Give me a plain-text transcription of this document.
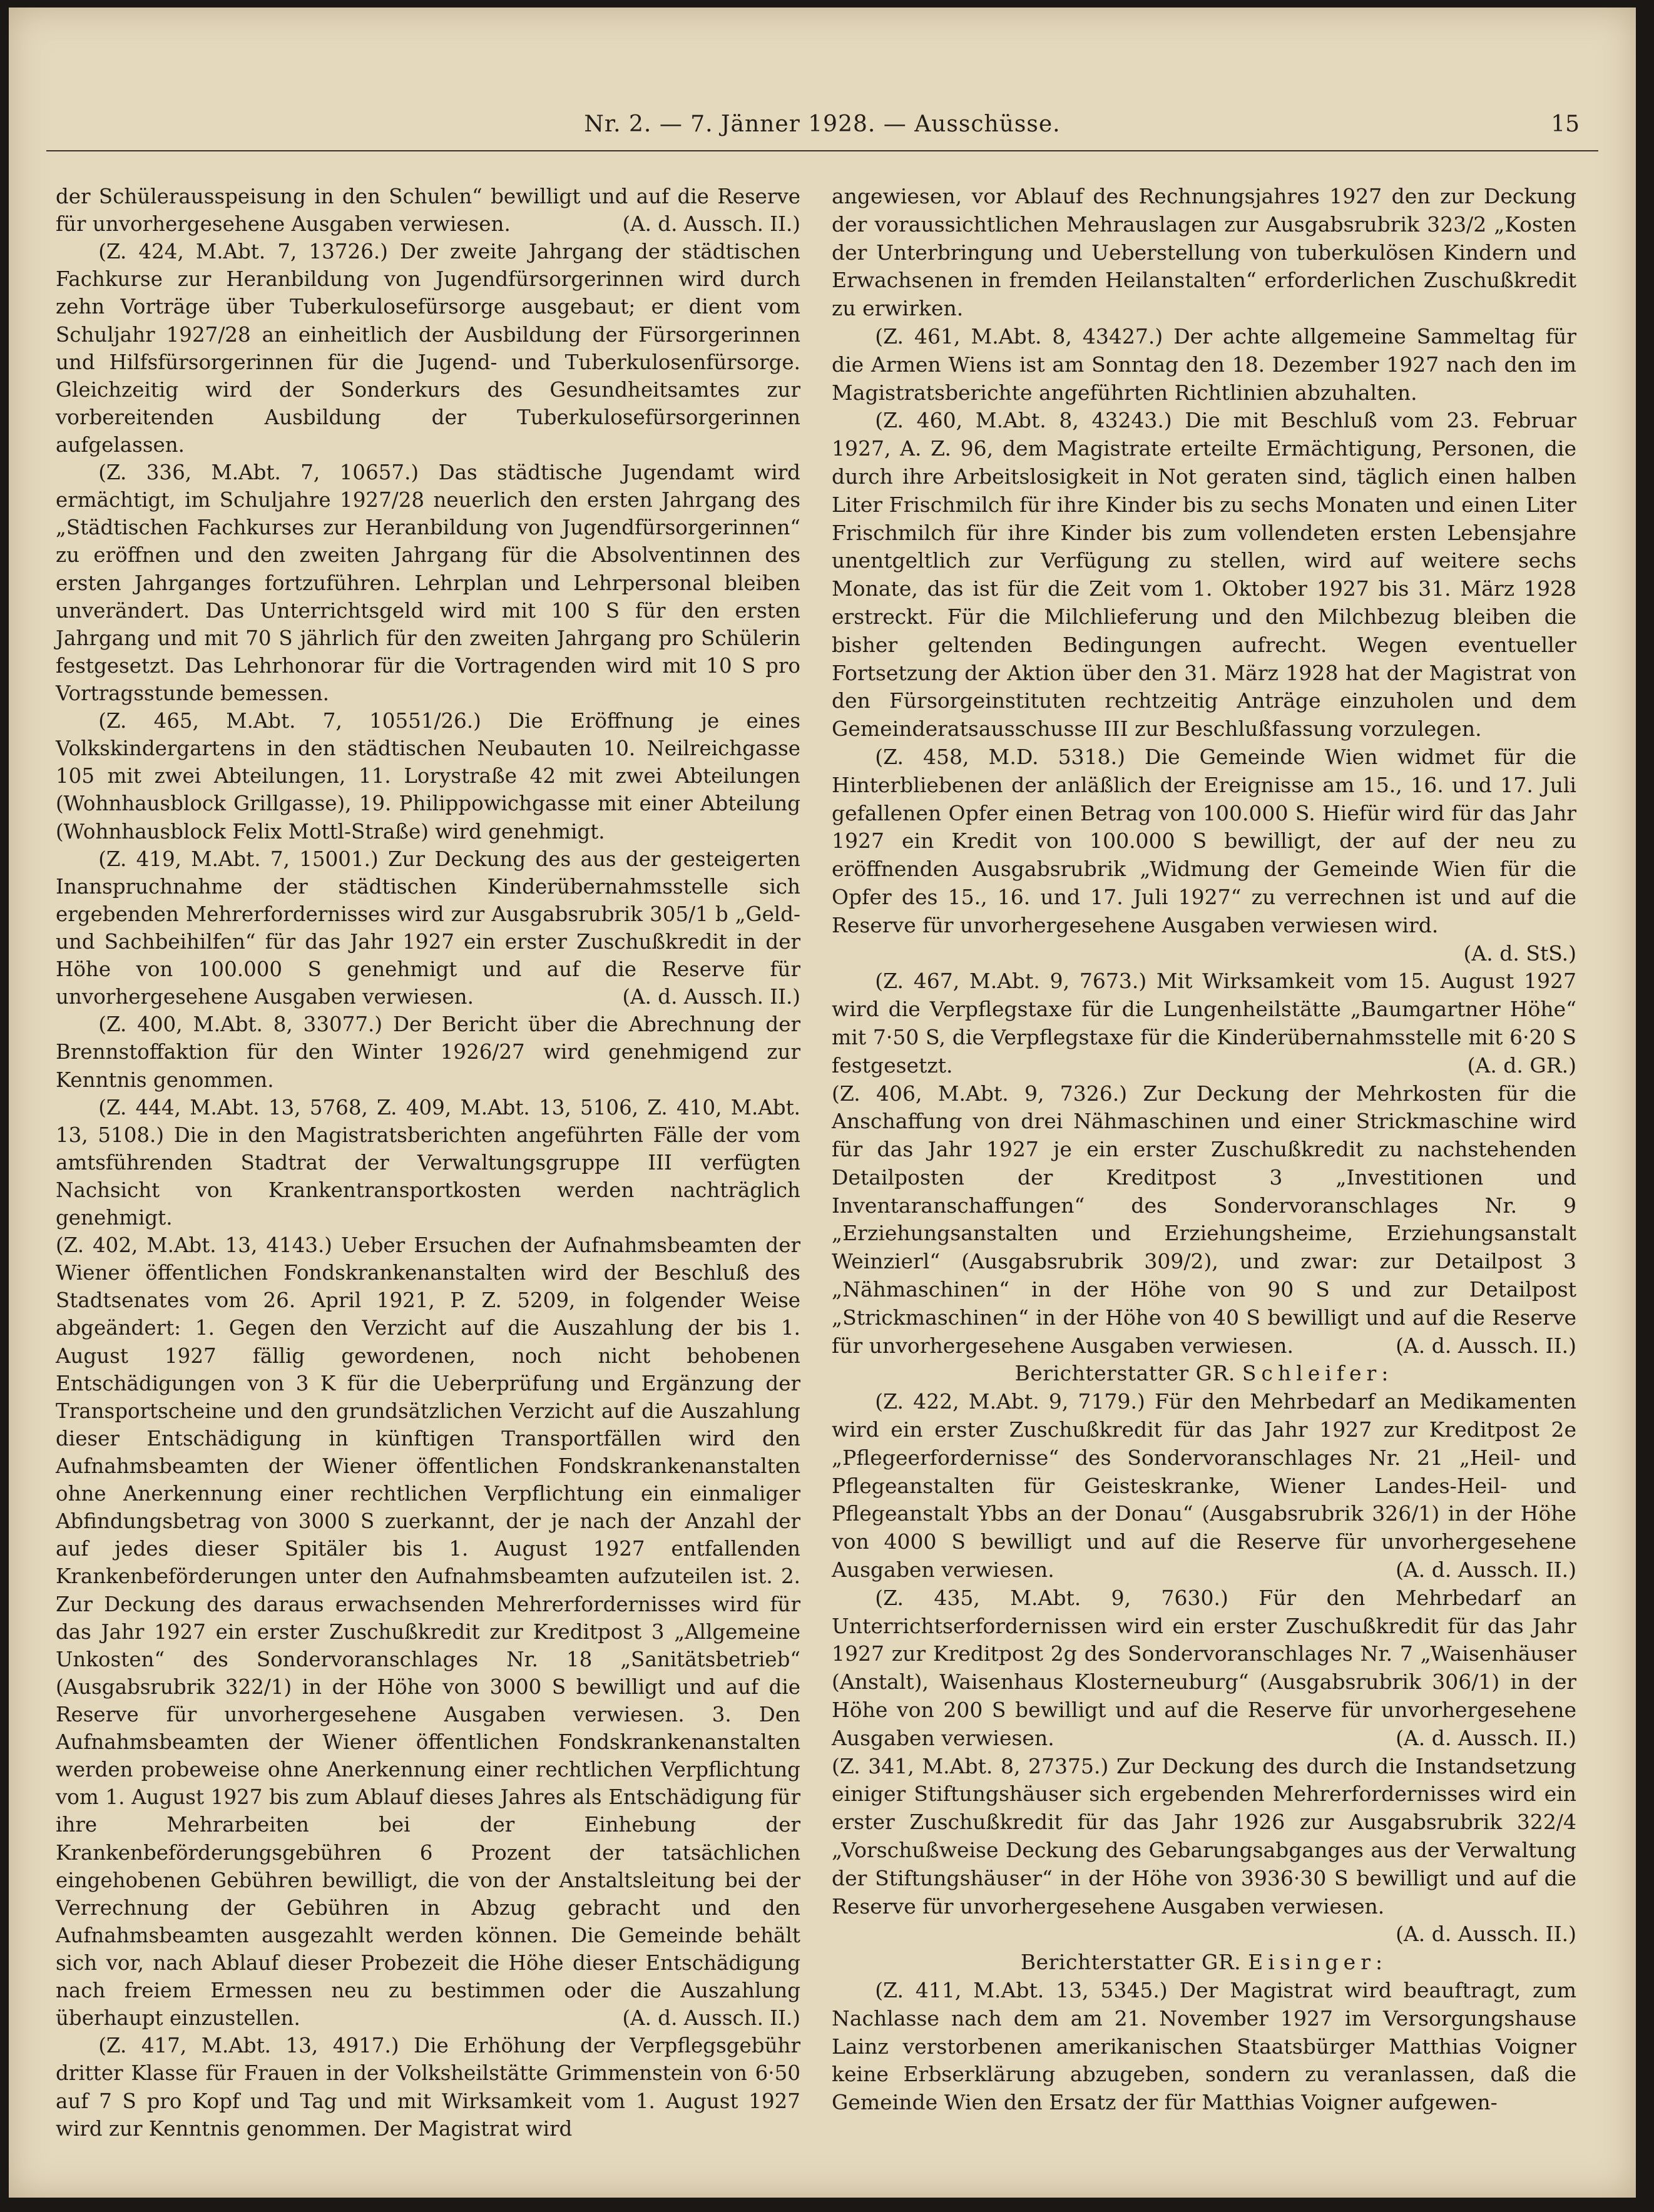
Nr. 2. — 7. Jänner 1928. — Ausschüsse.	15

der Schülerausspeisung in den Schulen“ bewilligt und auf die Reserve für unvorhergesehene Ausgaben verwiesen.	(A. d. Aussch. II.)

(Z. 424, M.Abt. 7, 13726.) Der zweite Jahrgang der städtischen Fachkurse zur Heranbildung von Jugendfürsorgerinnen wird durch zehn Vorträge über Tuberkulosefürsorge ausgebaut; er dient vom Schuljahr 1927/28 an einheitlich der Ausbildung der Fürsorgerinnen und Hilfsfürsorgerinnen für die Jugend- und Tuberkulosenfürsorge. Gleichzeitig wird der Sonderkurs des Gesundheitsamtes zur vorbereitenden Ausbildung der Tuberkulosefürsorgerinnen aufgelassen.

(Z. 336, M.Abt. 7, 10657.) Das städtische Jugendamt wird ermächtigt, im Schuljahre 1927/28 neuerlich den ersten Jahrgang des „Städtischen Fachkurses zur Heranbildung von Jugendfürsorgerinnen“ zu eröffnen und den zweiten Jahrgang für die Absolventinnen des ersten Jahrganges fortzuführen. Lehrplan und Lehrpersonal bleiben unverändert. Das Unterrichtsgeld wird mit 100 S für den ersten Jahrgang und mit 70 S jährlich für den zweiten Jahrgang pro Schülerin festgesetzt. Das Lehrhonorar für die Vortragenden wird mit 10 S pro Vortragsstunde bemessen.

(Z. 465, M.Abt. 7, 10551/26.) Die Eröffnung je eines Volkskindergartens in den städtischen Neubauten 10. Neilreichgasse 105 mit zwei Abteilungen, 11. Lorystraße 42 mit zwei Abteilungen (Wohnhausblock Grillgasse), 19. Philippowichgasse mit einer Abteilung (Wohnhausblock Felix Mottl-Straße) wird genehmigt.

(Z. 419, M.Abt. 7, 15001.) Zur Deckung des aus der gesteigerten Inanspruchnahme der städtischen Kinderübernahmsstelle sich ergebenden Mehrerfordernisses wird zur Ausgabsrubrik 305/1 b „Geld- und Sachbeihilfen“ für das Jahr 1927 ein erster Zuschußkredit in der Höhe von 100.000 S genehmigt und auf die Reserve für unvorhergesehene Ausgaben verwiesen.	(A. d. Aussch. II.)

(Z. 400, M.Abt. 8, 33077.) Der Bericht über die Abrechnung der Brennstoffaktion für den Winter 1926/27 wird genehmigend zur Kenntnis genommen.

(Z. 444, M.Abt. 13, 5768, Z. 409, M.Abt. 13, 5106, Z. 410, M.Abt. 13, 5108.) Die in den Magistratsberichten angeführten Fälle der vom amtsführenden Stadtrat der Verwaltungsgruppe III verfügten Nachsicht von Krankentransportkosten werden nachträglich genehmigt.

(Z. 402, M.Abt. 13, 4143.) Ueber Ersuchen der Aufnahmsbeamten der Wiener öffentlichen Fondskrankenanstalten wird der Beschluß des Stadtsenates vom 26. April 1921, P. Z. 5209, in folgender Weise abgeändert: 1. Gegen den Verzicht auf die Auszahlung der bis 1. August 1927 fällig gewordenen, noch nicht behobenen Entschädigungen von 3 K für die Ueberprüfung und Ergänzung der Transportscheine und den grundsätzlichen Verzicht auf die Auszahlung dieser Entschädigung in künftigen Transportfällen wird den Aufnahmsbeamten der Wiener öffentlichen Fondskrankenanstalten ohne Anerkennung einer rechtlichen Verpflichtung ein einmaliger Abfindungsbetrag von 3000 S zuerkannt, der je nach der Anzahl der auf jedes dieser Spitäler bis 1. August 1927 entfallenden Krankenbeförderungen unter den Aufnahmsbeamten aufzuteilen ist. 2. Zur Deckung des daraus erwachsenden Mehrerfordernisses wird für das Jahr 1927 ein erster Zuschußkredit zur Kreditpost 3 „Allgemeine Unkosten“ des Sondervoranschlages Nr. 18 „Sanitätsbetrieb“ (Ausgabsrubrik 322/1) in der Höhe von 3000 S bewilligt und auf die Reserve für unvorhergesehene Ausgaben verwiesen. 3. Den Aufnahmsbeamten der Wiener öffentlichen Fondskrankenanstalten werden probeweise ohne Anerkennung einer rechtlichen Verpflichtung vom 1. August 1927 bis zum Ablauf dieses Jahres als Entschädigung für ihre Mehrarbeiten bei der Einhebung der Krankenbeförderungsgebühren 6 Prozent der tatsächlichen eingehobenen Gebühren bewilligt, die von der Anstaltsleitung bei der Verrechnung der Gebühren in Abzug gebracht und den Aufnahmsbeamten ausgezahlt werden können. Die Gemeinde behält sich vor, nach Ablauf dieser Probezeit die Höhe dieser Entschädigung nach freiem Ermessen neu zu bestimmen oder die Auszahlung überhaupt einzustellen.	(A. d. Aussch. II.)

(Z. 417, M.Abt. 13, 4917.) Die Erhöhung der Verpflegsgebühr dritter Klasse für Frauen in der Volksheilstätte Grimmenstein von 6·50 auf 7 S pro Kopf und Tag und mit Wirksamkeit vom 1. August 1927 wird zur Kenntnis genommen. Der Magistrat wird

angewiesen, vor Ablauf des Rechnungsjahres 1927 den zur Deckung der voraussichtlichen Mehrauslagen zur Ausgabsrubrik 323/2 „Kosten der Unterbringung und Ueberstellung von tuberkulösen Kindern und Erwachsenen in fremden Heilanstalten“ erforderlichen Zuschußkredit zu erwirken.

(Z. 461, M.Abt. 8, 43427.) Der achte allgemeine Sammeltag für die Armen Wiens ist am Sonntag den 18. Dezember 1927 nach den im Magistratsberichte angeführten Richtlinien abzuhalten.

(Z. 460, M.Abt. 8, 43243.) Die mit Beschluß vom 23. Februar 1927, A. Z. 96, dem Magistrate erteilte Ermächtigung, Personen, die durch ihre Arbeitslosigkeit in Not geraten sind, täglich einen halben Liter Frischmilch für ihre Kinder bis zu sechs Monaten und einen Liter Frischmilch für ihre Kinder bis zum vollendeten ersten Lebensjahre unentgeltlich zur Verfügung zu stellen, wird auf weitere sechs Monate, das ist für die Zeit vom 1. Oktober 1927 bis 31. März 1928 erstreckt. Für die Milchlieferung und den Milchbezug bleiben die bisher geltenden Bedingungen aufrecht. Wegen eventueller Fortsetzung der Aktion über den 31. März 1928 hat der Magistrat von den Fürsorgeinstituten rechtzeitig Anträge einzuholen und dem Gemeinderatsausschusse III zur Beschlußfassung vorzulegen.

(Z. 458, M.D. 5318.) Die Gemeinde Wien widmet für die Hinterbliebenen der anläßlich der Ereignisse am 15., 16. und 17. Juli gefallenen Opfer einen Betrag von 100.000 S. Hiefür wird für das Jahr 1927 ein Kredit von 100.000 S bewilligt, der auf der neu zu eröffnenden Ausgabsrubrik „Widmung der Gemeinde Wien für die Opfer des 15., 16. und 17. Juli 1927“ zu verrechnen ist und auf die Reserve für unvorhergesehene Ausgaben verwiesen wird.
(A. d. StS.)

(Z. 467, M.Abt. 9, 7673.) Mit Wirksamkeit vom 15. August 1927 wird die Verpflegstaxe für die Lungenheilstätte „Baumgartner Höhe“ mit 7·50 S, die Verpflegstaxe für die Kinderübernahmsstelle mit 6·20 S festgesetzt.	(A. d. GR.)

(Z. 406, M.Abt. 9, 7326.) Zur Deckung der Mehrkosten für die Anschaffung von drei Nähmaschinen und einer Strickmaschine wird für das Jahr 1927 je ein erster Zuschußkredit zu nachstehenden Detailposten der Kreditpost 3 „Investitionen und Inventaranschaffungen“ des Sondervoranschlages Nr. 9 „Erziehungsanstalten und Erziehungsheime, Erziehungsanstalt Weinzierl“ (Ausgabsrubrik 309/2), und zwar: zur Detailpost 3 „Nähmaschinen“ in der Höhe von 90 S und zur Detailpost „Strickmaschinen“ in der Höhe von 40 S bewilligt und auf die Reserve für unvorhergesehene Ausgaben verwiesen.	(A. d. Aussch. II.)

Berichterstatter GR. Schleifer:

(Z. 422, M.Abt. 9, 7179.) Für den Mehrbedarf an Medikamenten wird ein erster Zuschußkredit für das Jahr 1927 zur Kreditpost 2e „Pflegeerfordernisse“ des Sondervoranschlages Nr. 21 „Heil- und Pflegeanstalten für Geisteskranke, Wiener Landes-Heil- und Pflegeanstalt Ybbs an der Donau“ (Ausgabsrubrik 326/1) in der Höhe von 4000 S bewilligt und auf die Reserve für unvorhergesehene Ausgaben verwiesen.	(A. d. Aussch. II.)

(Z. 435, M.Abt. 9, 7630.) Für den Mehrbedarf an Unterrichtserfordernissen wird ein erster Zuschußkredit für das Jahr 1927 zur Kreditpost 2g des Sondervoranschlages Nr. 7 „Waisenhäuser (Anstalt), Waisenhaus Klosterneuburg“ (Ausgabsrubrik 306/1) in der Höhe von 200 S bewilligt und auf die Reserve für unvorhergesehene Ausgaben verwiesen.	(A. d. Aussch. II.)

(Z. 341, M.Abt. 8, 27375.) Zur Deckung des durch die Instandsetzung einiger Stiftungshäuser sich ergebenden Mehrerfordernisses wird ein erster Zuschußkredit für das Jahr 1926 zur Ausgabsrubrik 322/4 „Vorschußweise Deckung des Gebarungsabganges aus der Verwaltung der Stiftungshäuser“ in der Höhe von 3936·30 S bewilligt und auf die Reserve für unvorhergesehene Ausgaben verwiesen.
(A. d. Aussch. II.)

Berichterstatter GR. Eisinger:

(Z. 411, M.Abt. 13, 5345.) Der Magistrat wird beauftragt, zum Nachlasse nach dem am 21. November 1927 im Versorgungshause Lainz verstorbenen amerikanischen Staatsbürger Matthias Voigner keine Erbserklärung abzugeben, sondern zu veranlassen, daß die Gemeinde Wien den Ersatz der für Matthias Voigner aufgewen-
